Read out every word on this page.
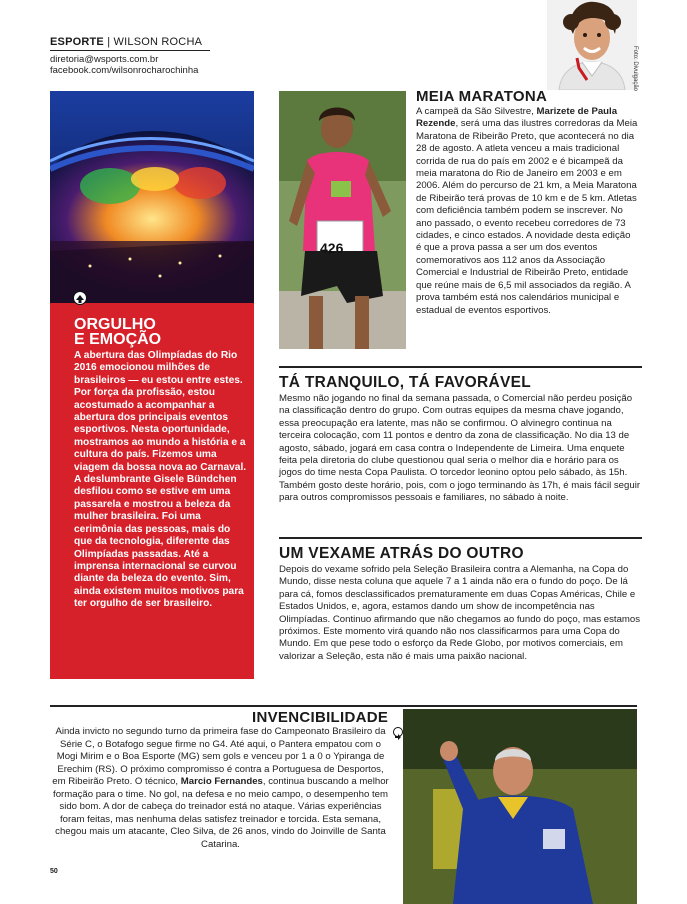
ESPORTE | WILSON ROCHA
diretoria@wsports.com.br
facebook.com/wilsonrocharochinha	Foto: Divulgação
ORGULHO
E EMOÇÃO
A abertura das Olimpíadas do Rio 2016 emocionou milhões de brasileiros — eu estou entre estes. Por força da profissão, estou acostumado a acompanhar a abertura dos principais eventos esportivos. Nesta oportunidade, mostramos ao mundo a história e a cultura do país. Fizemos uma viagem da bossa nova ao Carnaval. A deslumbrante Gisele Bündchen desfilou como se estive em uma passarela e mostrou a beleza da mulher brasileira. Foi uma cerimônia das pessoas, mais do que da tecnologia, diferente das Olimpíadas passadas. Até a imprensa internacional se curvou diante da beleza do evento. Sim, ainda existem muitos motivos para ter orgulho de ser brasileiro.
426
MEIA MARATONA
A campeã da São Silvestre, Marizete de Paula Rezende, será uma das ilustres corredoras da Meia Maratona de Ribeirão Preto, que acontecerá no dia 28 de agosto. A atleta venceu a mais tradicional corrida de rua do país em 2002 e é bicampeã da meia maratona do Rio de Janeiro em 2003 e em 2006. Além do percurso de 21 km, a Meia Maratona de Ribeirão terá provas de 10 km e de 5 km. Atletas com deficiência também podem se inscrever. No ano passado, o evento recebeu corredores de 73 cidades, e cinco estados. A novidade desta edição é que a prova passa a ser um dos eventos comemorativos aos 112 anos da Associação Comercial e Industrial de Ribeirão Preto, entidade que reúne mais de 6,5 mil associados da região. A prova também está nos calendários municipal e estadual de eventos esportivos.
TÁ TRANQUILO, TÁ FAVORÁVEL
Mesmo não jogando no final da semana passada, o Comercial não perdeu posição na classificação dentro do grupo. Com outras equipes da mesma chave jogando, essa preocupação era latente, mas não se confirmou. O alvinegro continua na terceira colocação, com 11 pontos e dentro da zona de classificação. No dia 13 de agosto, sábado, jogará em casa contra o Independente de Limeira. Uma enquete feita pela diretoria do clube questionou qual seria o melhor dia e horário para os jogos do time nesta Copa Paulista. O torcedor leonino optou pelo sábado, às 15h. Também gosto deste horário, pois, com o jogo terminando às 17h, é mais fácil seguir para outros compromissos pessoais e familiares, no sábado à noite.
UM VEXAME ATRÁS DO OUTRO
Depois do vexame sofrido pela Seleção Brasileira contra a Alemanha, na Copa do Mundo, disse nesta coluna que aquele 7 a 1 ainda não era o fundo do poço. De lá para cá, fomos desclassificados prematuramente em duas Copas Américas, Chile e Estados Unidos, e, agora, estamos dando um show de incompetência nas Olimpíadas. Continuo afirmando que não chegamos ao fundo do poço, mas estamos próximos. Este momento virá quando não nos classificarmos para uma Copa do Mundo. Em que pese todo o esforço da Rede Globo, por motivos comerciais, em valorizar a Seleção, esta não é mais uma paixão nacional.
INVENCIBILIDADE
Ainda invicto no segundo turno da primeira fase do Campeonato Brasileiro da Série C, o Botafogo segue firme no G4. Até aqui, o Pantera empatou com o Mogi Mirim e o Boa Esporte (MG) sem gols e venceu por 1 a 0 o Ypiranga de Erechim (RS). O próximo compromisso é contra a Portuguesa de Desportos, em Ribeirão Preto. O técnico, Marcio Fernandes, continua buscando a melhor formação para o time. No gol, na defesa e no meio campo, o desempenho tem sido bom. A dor de cabeça do treinador está no ataque. Várias experiências foram feitas, mas nenhuma delas satisfez treinador e torcida. Esta semana, chegou mais um atacante, Cleo Silva, de 26 anos, vindo do Joinville de Santa Catarina.
50
